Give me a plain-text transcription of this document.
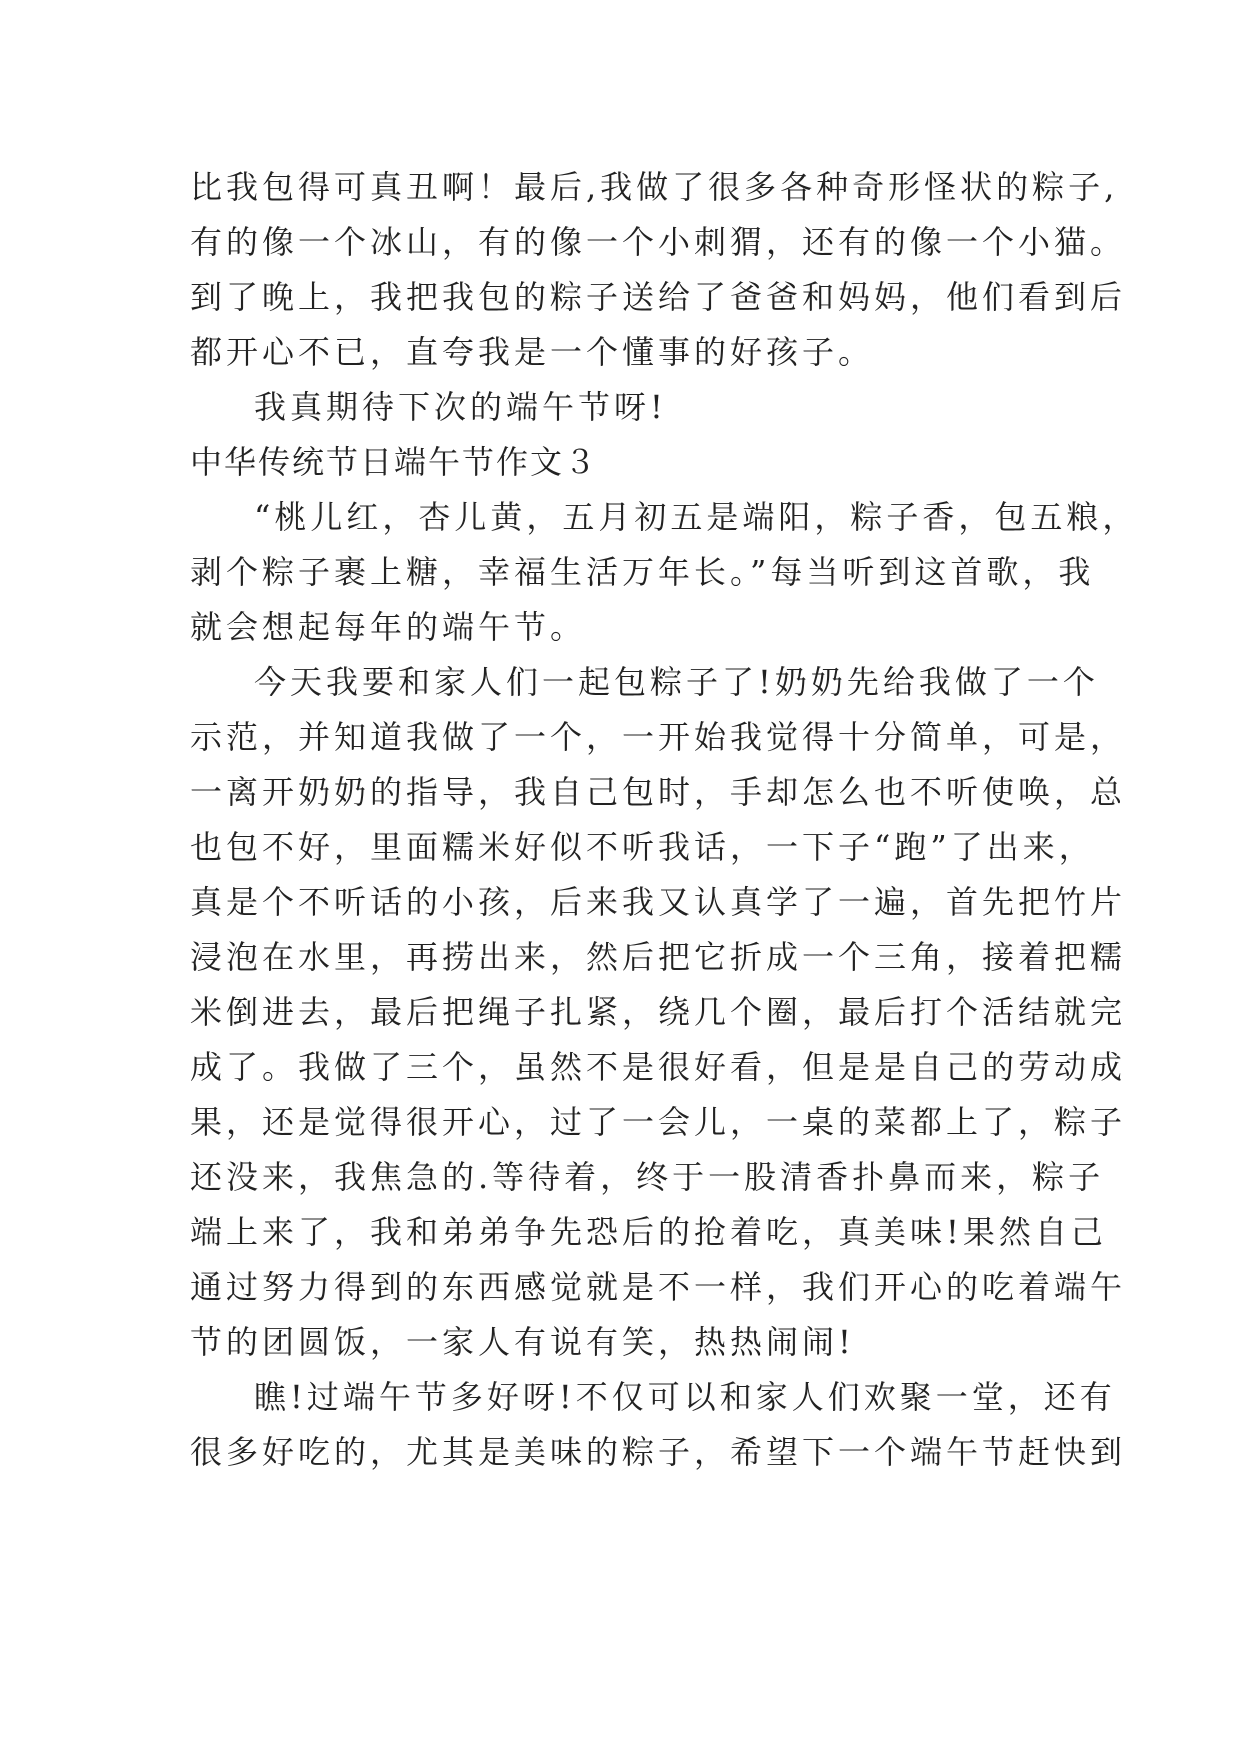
比我包得可真丑啊！最后,我做了很多各种奇形怪状的粽子,
有的像一个冰山，有的像一个小刺猬，还有的像一个小猫。
到了晚上，我把我包的粽子送给了爸爸和妈妈，他们看到后
都开心不已，直夸我是一个懂事的好孩子。
我真期待下次的端午节呀!
中华传统节日端午节作文３
“桃儿红，杏儿黄，五月初五是端阳，粽子香，包五粮，
剥个粽子裹上糖，幸福生活万年长。”每当听到这首歌，我
就会想起每年的端午节。
今天我要和家人们一起包粽子了!奶奶先给我做了一个
示范，并知道我做了一个，一开始我觉得十分简单，可是，
一离开奶奶的指导，我自己包时，手却怎么也不听使唤，总
也包不好，里面糯米好似不听我话，一下子“跑”了出来，
真是个不听话的小孩，后来我又认真学了一遍，首先把竹片
浸泡在水里，再捞出来，然后把它折成一个三角，接着把糯
米倒进去，最后把绳子扎紧，绕几个圈，最后打个活结就完
成了。我做了三个，虽然不是很好看，但是是自己的劳动成
果，还是觉得很开心，过了一会儿，一桌的菜都上了，粽子
还没来，我焦急的.等待着，终于一股清香扑鼻而来，粽子
端上来了，我和弟弟争先恐后的抢着吃，真美味!果然自己
通过努力得到的东西感觉就是不一样，我们开心的吃着端午
节的团圆饭，一家人有说有笑，热热闹闹!
瞧!过端午节多好呀!不仅可以和家人们欢聚一堂，还有
很多好吃的，尤其是美味的粽子，希望下一个端午节赶快到
